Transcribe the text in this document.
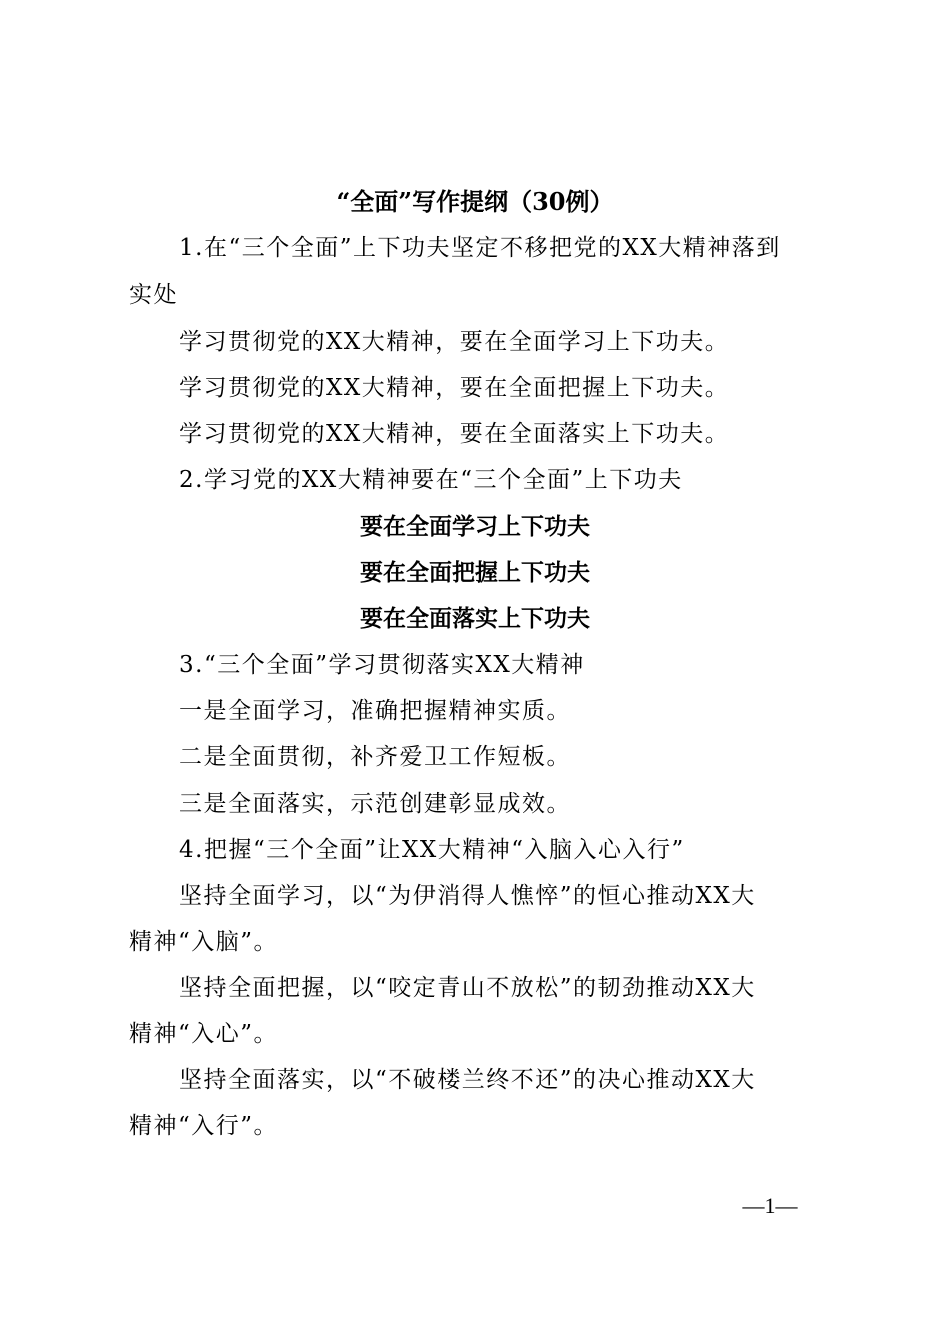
“全面”写作提纲（30例）
1.在“三个全面”上下功夫坚定不移把党的XX大精神落到
实处
学习贯彻党的XX大精神，要在全面学习上下功夫。
学习贯彻党的XX大精神，要在全面把握上下功夫。
学习贯彻党的XX大精神，要在全面落实上下功夫。
2.学习党的XX大精神要在“三个全面”上下功夫
要在全面学习上下功夫
要在全面把握上下功夫
要在全面落实上下功夫
3.“三个全面”学习贯彻落实XX大精神
一是全面学习，准确把握精神实质。
二是全面贯彻，补齐爱卫工作短板。
三是全面落实，示范创建彰显成效。
4.把握“三个全面”让XX大精神“入脑入心入行”
坚持全面学习，以“为伊消得人憔悴”的恒心推动XX大
精神“入脑”。
坚持全面把握，以“咬定青山不放松”的韧劲推动XX大
精神“入心”。
坚持全面落实，以“不破楼兰终不还”的决心推动XX大
精神“入行”。
—1—
